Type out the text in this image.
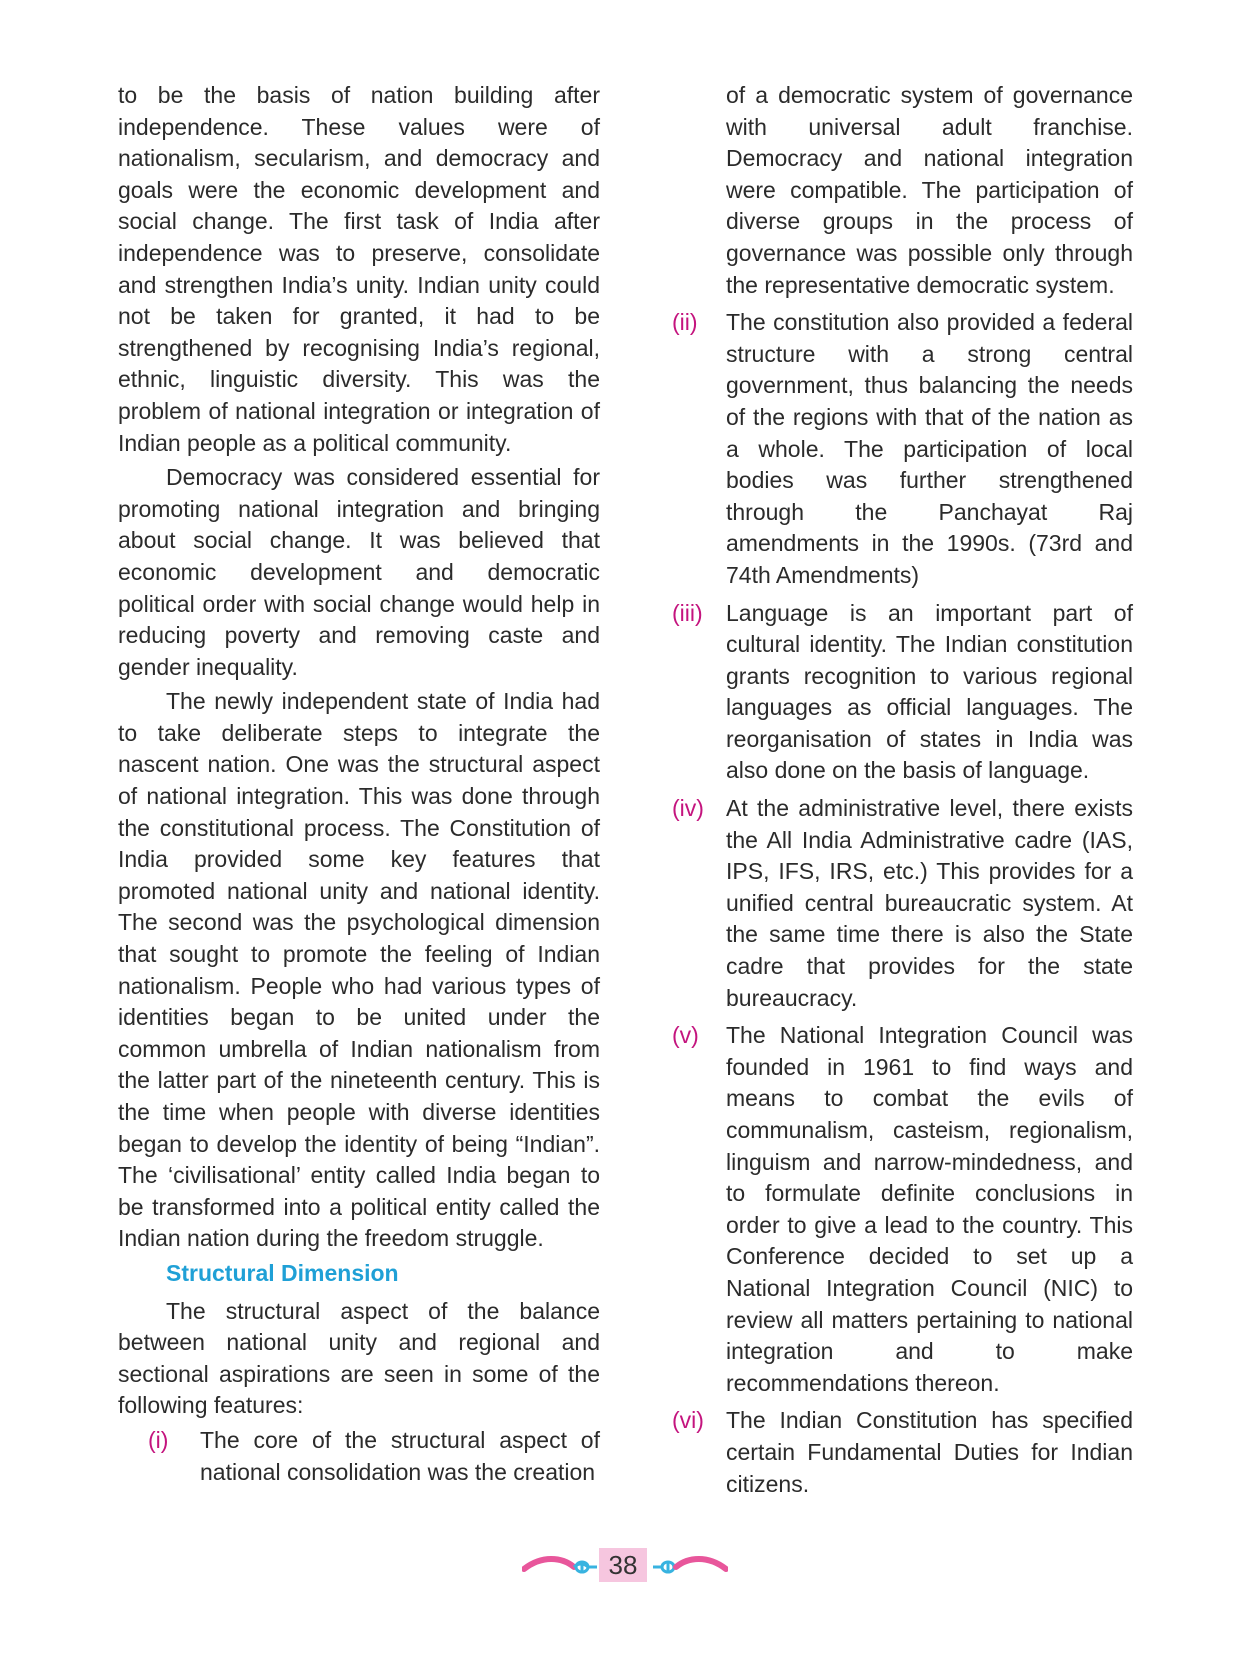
to be the basis of nation building after independence. These values were of nationalism, secularism, and democracy and goals were the economic development and social change. The first task of India after independence was to preserve, consolidate and strengthen India’s unity. Indian unity could not be taken for granted, it had to be strengthened by recognising India’s regional, ethnic, linguistic diversity. This was the problem of national integration or integration of Indian people as a political community.

Democracy was considered essential for promoting national integration and bringing about social change. It was believed that economic development and democratic political order with social change would help in reducing poverty and removing caste and gender inequality.

The newly independent state of India had to take deliberate steps to integrate the nascent nation. One was the structural aspect of national integration. This was done through the constitutional process. The Constitution of India provided some key features that promoted national unity and national identity. The second was the psychological dimension that sought to promote the feeling of Indian nationalism. People who had various types of identities began to be united under the common umbrella of Indian nationalism from the latter part of the nineteenth century. This is the time when people with diverse identities began to develop the identity of being “Indian”. The ‘civilisational’ entity called India began to be transformed into a political entity called the Indian nation during the freedom struggle.

Structural Dimension

The structural aspect of the balance between national unity and regional and sectional aspirations are seen in some of the following features:

(i)	The core of the structural aspect of national consolidation was the creation
of a democratic system of governance with universal adult franchise. Democracy and national integration were compatible. The participation of diverse groups in the process of governance was possible only through the representative democratic system.
(ii)	The constitution also provided a federal structure with a strong central government, thus balancing the needs of the regions with that of the nation as a whole. The participation of local bodies was further strengthened through the Panchayat Raj amendments in the 1990s. (73rd and 74th Amendments)
(iii)	Language is an important part of cultural identity. The Indian constitution grants recognition to various regional languages as official languages. The reorganisation of states in India was also done on the basis of language.
(iv) At the administrative level, there exists the All India Administrative cadre (IAS, IPS, IFS, IRS, etc.) This provides for a unified central bureaucratic system. At the same time there is also the State cadre that provides for the state bureaucracy.
(v)	The National Integration Council was founded in 1961 to find ways and means to combat the evils of communalism, casteism, regionalism, linguism and narrow-mindedness, and to formulate definite conclusions in order to give a lead to the country. This Conference decided to set up a National Integration Council (NIC) to review all matters pertaining to national integration and to make recommendations thereon.
(vi) The Indian Constitution has specified certain Fundamental Duties for Indian citizens.
38
